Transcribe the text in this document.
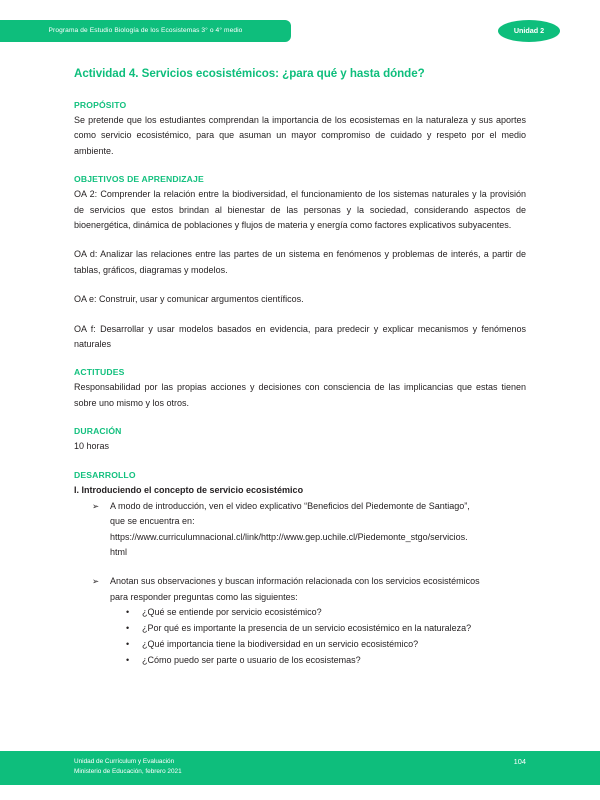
Programa de Estudio Biología de los Ecosistemas 3° o 4° medio	Unidad 2
Actividad 4. Servicios ecosistémicos: ¿para qué y hasta dónde?
PROPÓSITO

Se pretende que los estudiantes comprendan la importancia de los ecosistemas en la naturaleza y sus aportes como servicio ecosistémico, para que asuman un mayor compromiso de cuidado y respeto por el medio ambiente.

OBJETIVOS DE APRENDIZAJE

OA 2: Comprender la relación entre la biodiversidad, el funcionamiento de los sistemas naturales y la provisión de servicios que estos brindan al bienestar de las personas y la sociedad, considerando aspectos de bioenergética, dinámica de poblaciones y flujos de materia y energía como factores explicativos subyacentes.

OA d: Analizar las relaciones entre las partes de un sistema en fenómenos y problemas de interés, a partir de tablas, gráficos, diagramas y modelos.

OA e: Construir, usar y comunicar argumentos científicos.

OA f: Desarrollar y usar modelos basados en evidencia, para predecir y explicar mecanismos y fenómenos naturales

ACTITUDES

Responsabilidad por las propias acciones y decisiones con consciencia de las implicancias que estas tienen sobre uno mismo y los otros.

DURACIÓN

10 horas

DESARROLLO
I. Introduciendo el concepto de servicio ecosistémico
➢ A modo de introducción, ven el video explicativo “Beneficios del Piedemonte de Santiago”,
que se encuentra en:
https://www.curriculumnacional.cl/link/http://www.gep.uchile.cl/Piedemonte_stgo/servicios.
html
➢ Anotan sus observaciones y buscan información relacionada con los servicios ecosistémicos
para responder preguntas como las siguientes:
• ¿Qué se entiende por servicio ecosistémico?
• ¿Por qué es importante la presencia de un servicio ecosistémico en la naturaleza?
• ¿Qué importancia tiene la biodiversidad en un servicio ecosistémico?
• ¿Cómo puedo ser parte o usuario de los ecosistemas?
Unidad de Currículum y Evaluación
Ministerio de Educación, febrero 2021
104
